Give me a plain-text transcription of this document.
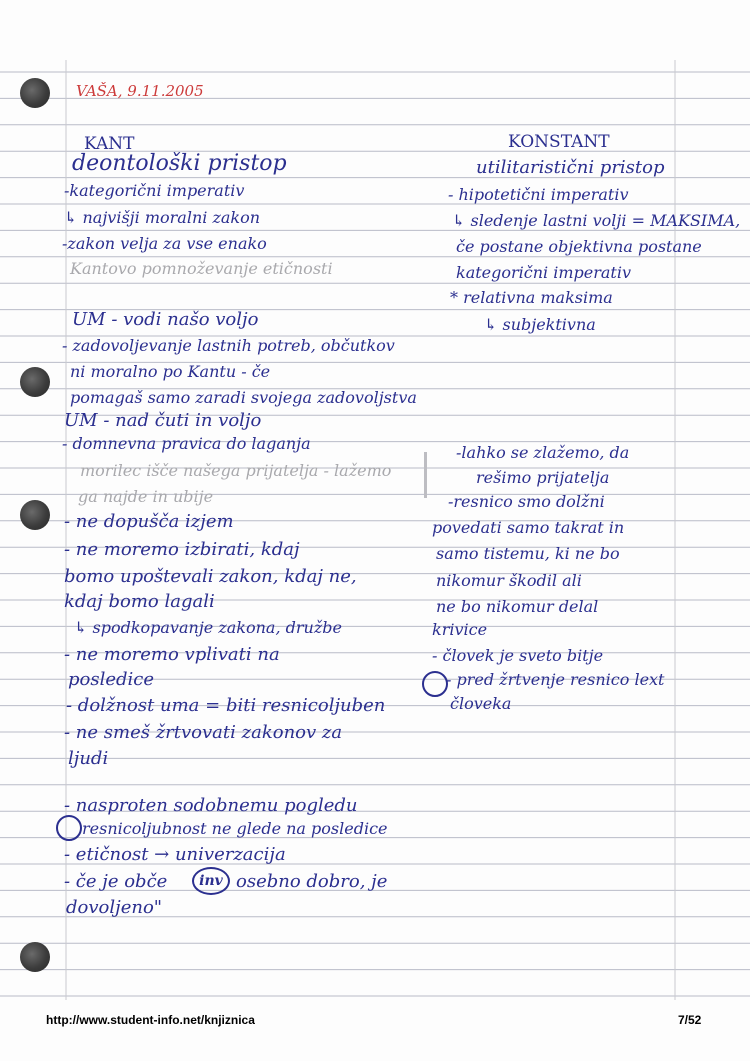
VAŠA, 9.11.2005
KANT
deontološki pristop
-kategorični imperativ
↳ najvišji moralni zakon
-zakon velja za vse enako
Kantovo pomnoževanje etičnosti
UM - vodi našo voljo
- zadovoljevanje lastnih potreb, občutkov
ni moralno po Kantu - če
pomagaš samo zaradi svojega zadovoljstva
UM - nad čuti in voljo
- domnevna pravica do laganja
morilec išče našega prijatelja - lažemo
ga najde in ubije
- ne dopušča izjem
- ne moremo izbirati, kdaj
bomo upoštevali zakon, kdaj ne,
kdaj bomo lagali
↳ spodkopavanje zakona, družbe
- ne moremo vplivati na
posledice
- dolžnost uma = biti resnicoljuben
- ne smeš žrtvovati zakonov za
ljudi
- nasproten sodobnemu pogledu
resnicoljubnost ne glede na posledice
- etičnost → univerzacija
- če je obče	inv osebno dobro, je
dovoljeno"
KONSTANT
utilitaristični pristop
- hipotetični imperativ
↳ sledenje lastni volji = MAKSIMA,
če postane objektivna postane
kategorični imperativ
* relativna maksima
↳ subjektivna
-lahko se zlažemo, da
rešimo prijatelja
-resnico smo dolžni
povedati samo takrat in
samo tistemu, ki ne bo
nikomur škodil ali
ne bo nikomur delal
krivice
- človek je sveto bitje
- pred žrtvenje resnico lext
človeka
http://www.student-info.net/knjiznica	7/52
